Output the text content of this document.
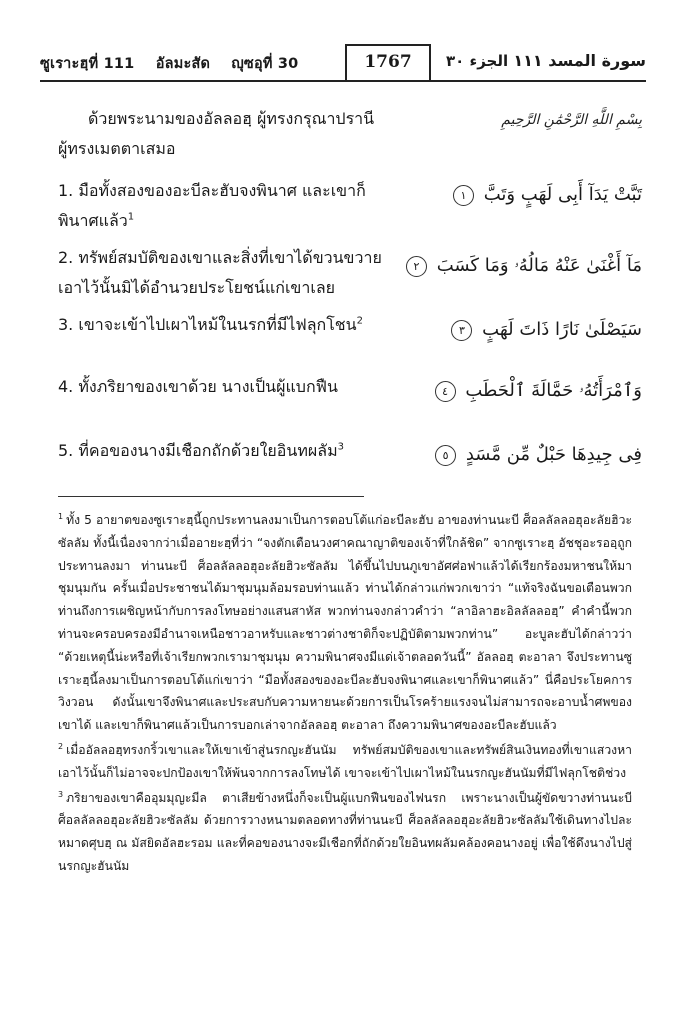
ซูเราะฮฺที่ 111 อัลมะสัด ญุซอุที่ 30	1767	الجزء ٣٠ سورة المسد ١١١
ด้วยพระนามของอัลลอฮฺ ผู้ทรงกรุณาปรานี
ผู้ทรงเมตตาเสมอ
بِسْمِ اللَّهِ الرَّحْمَٰنِ الرَّحِيمِ
1. มือทั้งสองของอะบีละฮับจงพินาศ และเขาก็
พินาศแล้ว$^1$
تَبَّتْ يَدَآ أَبِى لَهَبٍ وَتَبَّ ١
2. ทรัพย์สมบัติของเขาและสิ่งที่เขาได้ขวนขวาย
เอาไว้นั้นมิได้อำนวยประโยชน์แก่เขาเลย
مَآ أَغْنَىٰ عَنْهُ مَالُهُۥ وَمَا كَسَبَ ٢
3. เขาจะเข้าไปเผาไหม้ในนรกที่มีไฟลุกโชน$^2$	سَيَصْلَىٰ نَارًا ذَاتَ لَهَبٍ ٣
4. ทั้งภริยาของเขาด้วย นางเป็นผู้แบกฟืน	وَٱمْرَأَتُهُۥ حَمَّالَةَ ٱلْحَطَبِ ٤
5. ที่คอของนางมีเชือกถักด้วยใยอินทผลัม$^3$	فِى جِيدِهَا حَبْلٌ مِّن مَّسَدٍ ٥

$^1$ ทั้ง 5 อายาตของซูเราะฮฺนี้ถูกประทานลงมาเป็นการตอบโต้แก่อะบีละฮับ อาของท่านนะบี ศ็อลลัลลอฮุอะลัยฮิวะซัลลัม ทั้งนี้เนื่องจากว่าเมื่ออายะฮฺที่ว่า “จงตักเตือนวงศาคณาญาติของเจ้าที่ใกล้ชิด” จากซูเราะฮฺ อัชชุอะรออฺถูกประทานลงมา ท่านนะบี ศ็อลลัลลอฮุอะลัยฮิวะซัลลัม ได้ขึ้นไปบนภูเขาอัศศ่อฟาแล้วได้เรียกร้องมหาชนให้มาชุมนุมกัน ครั้นเมื่อประชาชนได้มาชุมนุมล้อมรอบท่านแล้ว ท่านได้กล่าวแก่พวกเขาว่า “แท้จริงฉันขอเตือนพวกท่านถึงการเผชิญหน้ากับการลงโทษอย่างแสนสาหัส พวกท่านจงกล่าวคำว่า “ลาอิลาฮะอิลลัลลอฮฺ” คำคำนี้พวกท่านจะครอบครองมีอำนาจเหนือชาวอาหรับและชาวต่างชาติก็จะปฏิบัติตามพวกท่าน” อะบูละฮับได้กล่าวว่า “ด้วยเหตุนี้น่ะหรือที่เจ้าเรียกพวกเรามาชุมนุม ความพินาศจงมีแด่เจ้าตลอดวันนี้” อัลลอฮฺ ตะอาลา จึงประทานซูเราะฮฺนี้ลงมาเป็นการตอบโต้แก่เขาว่า “มือทั้งสองของอะบีละฮับจงพินาศและเขาก็พินาศแล้ว” นี่คือประโยคการวิงวอน ดังนั้นเขาจึงพินาศและประสบกับความหายนะด้วยการเป็นโรคร้ายแรงจนไม่สามารถจะอาบน้ำศพของเขาได้ และเขาก็พินาศแล้วเป็นการบอกเล่าจากอัลลอฮฺ ตะอาลา ถึงความพินาศของอะบีละฮับแล้ว

$^2$ เมื่ออัลลอฮฺทรงกริ้วเขาและให้เขาเข้าสู่นรกญะฮันนัม ทรัพย์สมบัติของเขาและทรัพย์สินเงินทองที่เขาแสวงหาเอาไว้นั้นก็ไม่อาจจะปกป้องเขาให้พ้นจากการลงโทษได้ เขาจะเข้าไปเผาไหม้ในนรกญะฮันนัมที่มีไฟลุกโชติช่วง

$^3$ ภริยาของเขาคืออุมมุญะมีล ตาเสียข้างหนึ่งก็จะเป็นผู้แบกฟืนของไฟนรก เพราะนางเป็นผู้ขัดขวางท่านนะบี ศ็อลลัลลอฮุอะลัยฮิวะซัลลัม ด้วยการวางหนามตลอดทางที่ท่านนะบี ศ็อลลัลลอฮุอะลัยฮิวะซัลลัมใช้เดินทางไปละหมาดศุบฮฺ ณ มัสยิดอัลฮะรอม และที่คอของนางจะมีเชือกที่ถักด้วยใยอินทผลัมคล้องคอนางอยู่ เพื่อใช้ดึงนางไปสู่นรกญะฮันนัม
